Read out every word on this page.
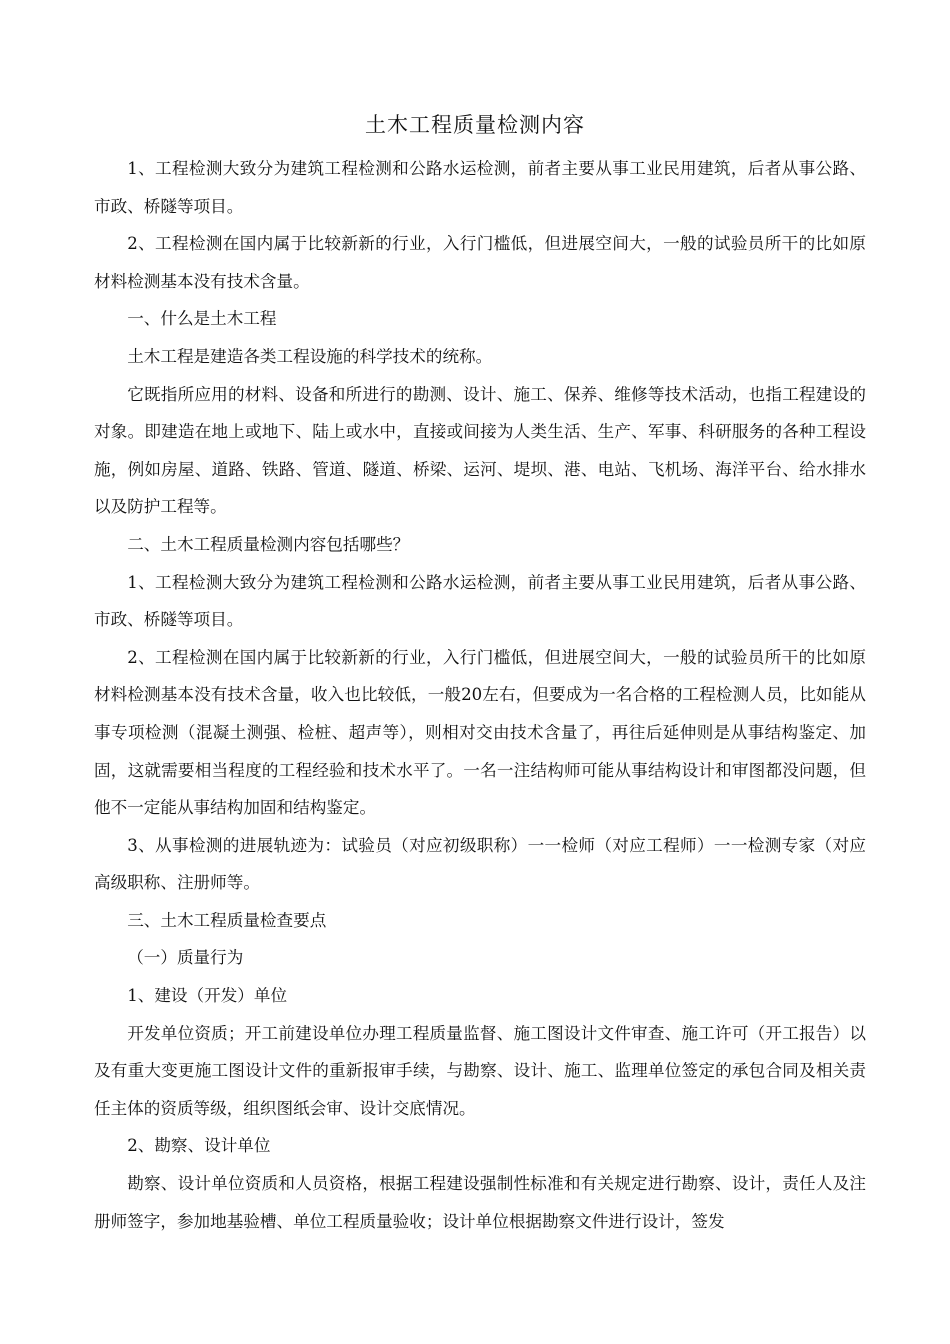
土木工程质量检测内容

1、工程检测大致分为建筑工程检测和公路水运检测，前者主要从事工业民用建筑，后者从事公路、市政、桥隧等项目。

2、工程检测在国内属于比较新新的行业，入行门槛低，但进展空间大，一般的试验员所干的比如原材料检测基本没有技术含量。

一、什么是土木工程

土木工程是建造各类工程设施的科学技术的统称。

它既指所应用的材料、设备和所进行的勘测、设计、施工、保养、维修等技术活动，也指工程建设的对象。即建造在地上或地下、陆上或水中，直接或间接为人类生活、生产、军事、科研服务的各种工程设施，例如房屋、道路、铁路、管道、隧道、桥梁、运河、堤坝、港、电站、飞机场、海洋平台、给水排水以及防护工程等。

二、土木工程质量检测内容包括哪些？

1、工程检测大致分为建筑工程检测和公路水运检测，前者主要从事工业民用建筑，后者从事公路、市政、桥隧等项目。

2、工程检测在国内属于比较新新的行业，入行门槛低，但进展空间大，一般的试验员所干的比如原材料检测基本没有技术含量，收入也比较低，一般20左右，但要成为一名合格的工程检测人员，比如能从事专项检测（混凝土测强、检桩、超声等），则相对交由技术含量了，再往后延伸则是从事结构鉴定、加固，这就需要相当程度的工程经验和技术水平了。一名一注结构师可能从事结构设计和审图都没问题，但他不一定能从事结构加固和结构鉴定。

3、从事检测的进展轨迹为：试验员（对应初级职称）一一检师（对应工程师）一一检测专家（对应高级职称、注册师等。

三、土木工程质量检查要点

（一）质量行为

1、建设（开发）单位

开发单位资质；开工前建设单位办理工程质量监督、施工图设计文件审查、施工许可（开工报告）以及有重大变更施工图设计文件的重新报审手续，与勘察、设计、施工、监理单位签定的承包合同及相关责任主体的资质等级，组织图纸会审、设计交底情况。

2、勘察、设计单位

勘察、设计单位资质和人员资格，根据工程建设强制性标准和有关规定进行勘察、设计，责任人及注册师签字，参加地基验槽、单位工程质量验收；设计单位根据勘察文件进行设计，签发
